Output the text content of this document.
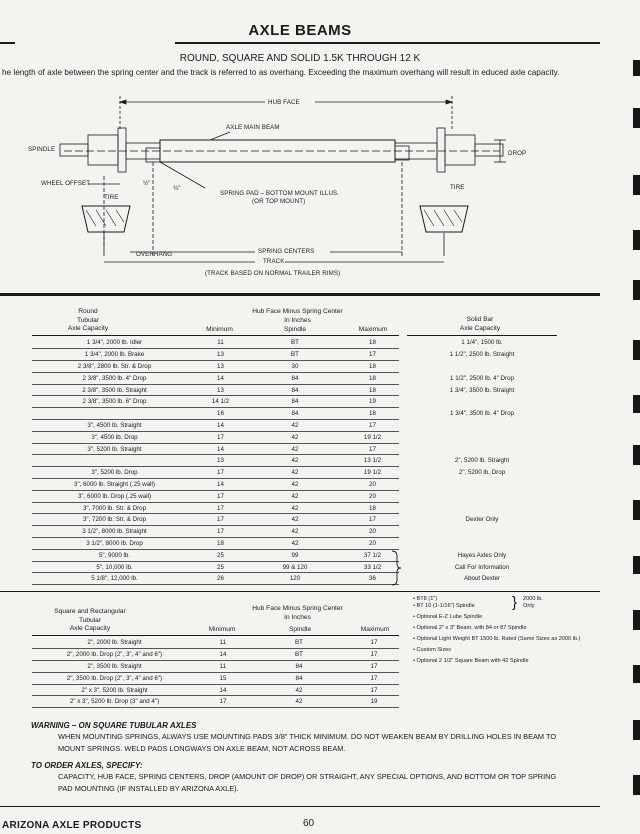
AXLE BEAMS
ROUND, SQUARE AND SOLID 1.5K THROUGH 12 K
he length of axle between the spring center and the track is referred to as overhang. Exceeding the maximum overhang will result in educed axle capacity.
HUB FACE
AXLE MAIN BEAM
SPINDLE
DROP
WHEEL OFFSET	½"
¾"
TIRE
TIRE
SPRING PAD – BOTTOM MOUNT ILLUS.
(OR TOP MOUNT)
OVERHANG	SPRING CENTERS
TRACK
(TRACK BASED ON NORMAL TRAILER RIMS)
Round
Tubular
Axle Capacity
Hub Face Minus Spring Center
In Inches
Minimum	Spindle	Maximum
Solid Bar
Axle Capacity
1 3/4", 2000 lb. Idler	11	BT	18		1 1/4", 1500 lb.
1 3/4", 2000 lb. Brake	13	BT	17		1 1/2", 2500 lb. Straight
2 3/8", 2800 lb. Str. & Drop	13	30	18		
2 3/8", 3500 lb. 4" Drop	14	84	18		1 1/2", 2500 lb. 4" Drop
2 3/8", 3500 lb. Straight	13	84	18		1 3/4", 3500 lb. Straight
2 3/8", 3500 lb. 6" Drop	14 1/2	84	19		
	16	84	18		1 3/4", 3500 lb. 4" Drop
3", 4500 lb. Straight	14	42	17		
3", 4500 lb. Drop	17	42	19 1/2		
3", 5200 lb. Straight	14	42	17		
	13	42	13 1/2		2", 5200 lb. Straight
3", 5200 lb. Drop	17	42	19 1/2		2", 5200 lb. Drop
3", 6000 lb. Straight (.25 wall)	14	42	20		
3", 6000 lb. Drop (.25 wall)	17	42	20		
3", 7000 lb. Str. & Drop	17	42	18		
3", 7200 lb. Str. & Drop	17	42	17		Dexter Only
3 1/2", 8000 lb. Straight	17	42	20		
3 1/2", 8000 lb. Drop	18	42	20		
5", 9000 lb.	25	99	37 1/2		Hayes Axles Only
5", 10,000 lb.	25	99 & 120	33 1/2		Call For Information
5 1/8", 12,000 lb.	26	120	36		About Dexter
Square and Rectangular
Tubular
Axle Capacity
Hub Face Minus Spring Center
In Inches
Minimum	Spindle	Maximum
2", 2000 lb. Straight	11	BT	17
2", 2000 lb. Drop (2", 3", 4" and 6")	14	BT	17
2", 3500 lb. Straight	11	84	17
2", 3500 lb. Drop (2", 3", 4" and 6")	15	84	17
2" x 3", 5200 lb. Straight	14	42	17
2" x 3", 5200 lb. Drop (3" and 4")	17	42	19
• BT8 (1")
• BT 10 (1-1/16") Spindle	} 2000 lb.
Only
• Optional E-Z Lube Spindle
• Optional 2" x 3" Beam, with 84 or 87 Spindle
• Optional Light Weight BT 1500 lb. Rated (Same Sizes as 2000 lb.)
• Custom Sizes
• Optional 2 1/2" Square Beam with 42 Spindle
WARNING – ON SQUARE TUBULAR AXLES
WHEN MOUNTING SPRINGS, ALWAYS USE MOUNTING PADS 3/8" THICK MINIMUM. DO NOT WEAKEN BEAM BY DRILLING HOLES IN BEAM TO MOUNT SPRINGS. WELD PADS LONGWAYS ON AXLE BEAM, NOT ACROSS BEAM.
TO ORDER AXLES, SPECIFY:
CAPACITY, HUB FACE, SPRING CENTERS, DROP (AMOUNT OF DROP) OR STRAIGHT, ANY SPECIAL OPTIONS, AND BOTTOM OR TOP SPRING PAD MOUNTING (IF INSTALLED BY ARIZONA AXLE).
ARIZONA AXLE PRODUCTS	60
